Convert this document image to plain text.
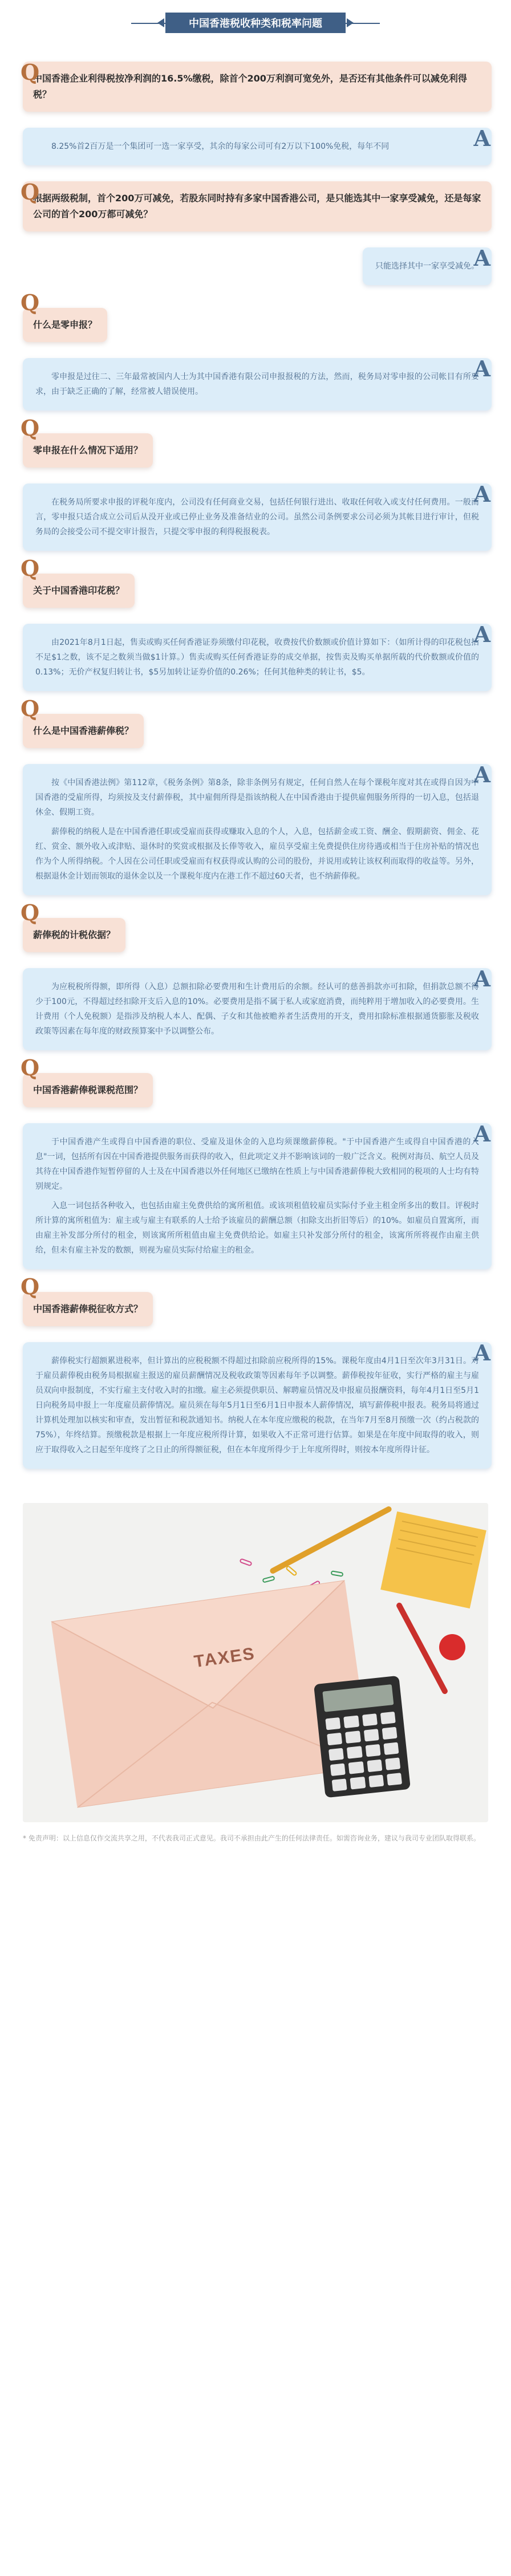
中国香港税收种类和税率问题
Q
中国香港企业利得税按净利润的16.5%缴税，除首个200万利润可宽免外，是否还有其他条件可以减免利得税？
A

8.25%首2百万是一个集团可一选一家享受，其余的每家公司可有2万以下100%免税，每年不同

Q
根据两级税制，首个200万可减免，若股东同时持有多家中国香港公司，是只能选其中一家享受减免，还是每家公司的首个200万都可减免？
A

只能选择其中一家享受减免。

Q
什么是零申报？
A

零申报是过往二、三年最常被国内人士为其中国香港有限公司申报报税的方法，然而，税务局对零申报的公司帐目有所要求，由于缺乏正确的了解，经常被人错误使用。

Q
零申报在什么情况下适用？
A

在税务局所要求申报的评税年度内，公司没有任何商业交易，包括任何银行进出、收取任何收入或支付任何费用。一般而言，零申报只适合成立公司后从没开业或已停止业务及准备结业的公司。虽然公司条例要求公司必须为其帐目进行审计，但税务局的会接受公司不提交审计报告，只提交零申报的利得税报税表。

Q
关于中国香港印花税？
A

由2021年8月1日起，售卖或购买任何香港证券须缴付印花税，收费按代价数额或价值计算如下：（如所计得的印花税包括不足$1之数，该不足之数须当做$1计算。）售卖或购买任何香港证券的成交单据，按售卖及购买单据所载的代价数额或价值的0.13%；无价产权复归转让书，$5另加转让证券价值的0.26%；任何其他种类的转让书，$5。

Q
什么是中国香港薪俸税？
A

按《中国香港法例》第112章，《税务条例》第8条，除非条例另有规定，任何自然人在每个课税年度对其在或得自因为中国香港的受雇所得，均须按及支付薪俸税，其中雇佣所得是指该纳税人在中国香港由于提供雇佣服务所得的一切入息，包括退休金、假期工资。

薪俸税的纳税人是在中国香港任职或受雇而获得或赚取入息的个人，入息，包括薪金或工资、酬金、假期薪资、佣金、花红、赏金、额外收入或津贴、退休时的奖赏或根据及长俸等收入，雇员享受雇主免费提供住房待遇或相当于住房补贴的情况也作为个人所得纳税。个人因在公司任职或受雇而有权获得或认购的公司的股份，并说用或转让该权利而取得的收益等。另外，根据退休金计划而领取的退休金以及一个课税年度内在港工作不超过60天者，也不纳薪俸税。

Q
薪俸税的计税依据？
A

为应税税所得额，即所得（入息）总额扣除必要费用和生计费用后的余额。经认可的慈善捐款亦可扣除，但捐款总额不得少于100元，不得超过经扣除开支后入息的10%。必要费用是指不属于私人或家庭消费，而纯粹用于增加收入的必要费用。生计费用（个人免税额）是指涉及纳税人本人、配偶、子女和其他被赡养者生活费用的开支，费用扣除标准根据通货膨胀及税收政策等因素在每年度的财政预算案中予以调整公布。

Q
中国香港薪俸税课税范围？
A

于中国香港产生或得自中国香港的职位、受雇及退休金的入息均须课缴薪俸税。"于中国香港产生或得自中国香港的入息"一词，包括所有因在中国香港提供服务而获得的收入，但此项定义并不影响该词的一般广泛含义。税例对海员、航空人员及其待在中国香港作短暂停留的人士及在中国香港以外任何地区已缴纳在性质上与中国香港薪俸税大致相同的税项的人士均有特别规定。

入息一词包括各种收入，也包括由雇主免费供给的寓所租值。或该项租值较雇员实际付予业主租金所多出的数目。评税时所计算的寓所租值为：雇主或与雇主有联系的人士给予该雇员的薪酬总额（扣除支出折旧等后）的10%。如雇员自置寓所，而由雇主补发部分所付的租金，则该寓所所租值由雇主免费供给论。如雇主只补发部分所付的租金，该寓所所将视作由雇主供给，但未有雇主补发的数额，则视为雇员实际付给雇主的租金。

Q
中国香港薪俸税征收方式？
A

薪俸税实行超额累进税率，但计算出的应税税额不得超过扣除前应税所得的15%。课税年度由4月1日至次年3月31日。对于雇员薪俸税由税务局根据雇主报送的雇员薪酬情况及税收政策等因素每年予以调整。薪俸税按年征收，实行严格的雇主与雇员双向申报制度，不实行雇主支付收入时的扣缴。雇主必须提供职员、解聘雇员情况及申报雇员报酬资料，每年4月1日至5月1日向税务局申报上一年度雇员薪俸情况。雇员须在每年5月1日至6月1日申报本人薪俸情况，填写薪俸税申报表。税务局将通过计算机处理加以核实和审查，发出暂征和税款通知书。纳税人在本年度应缴税的税款，在当年7月至8月预缴一次（约占税款的75%），年终结算。预缴税款是根据上一年度应税所得计算，如果收入不正常可进行估算。如果是在年度中间取得的收入，则应于取得收入之日起至年度终了之日止的所得额征税，但在本年度所得少于上年度所得时，则按本年度所得计征。

TAXES
* 免责声明：以上信息仅作交流共享之用，不代表我司正式意见。我司不承担由此产生的任何法律责任。如需咨询业务，建议与我司专业团队取得联系。
